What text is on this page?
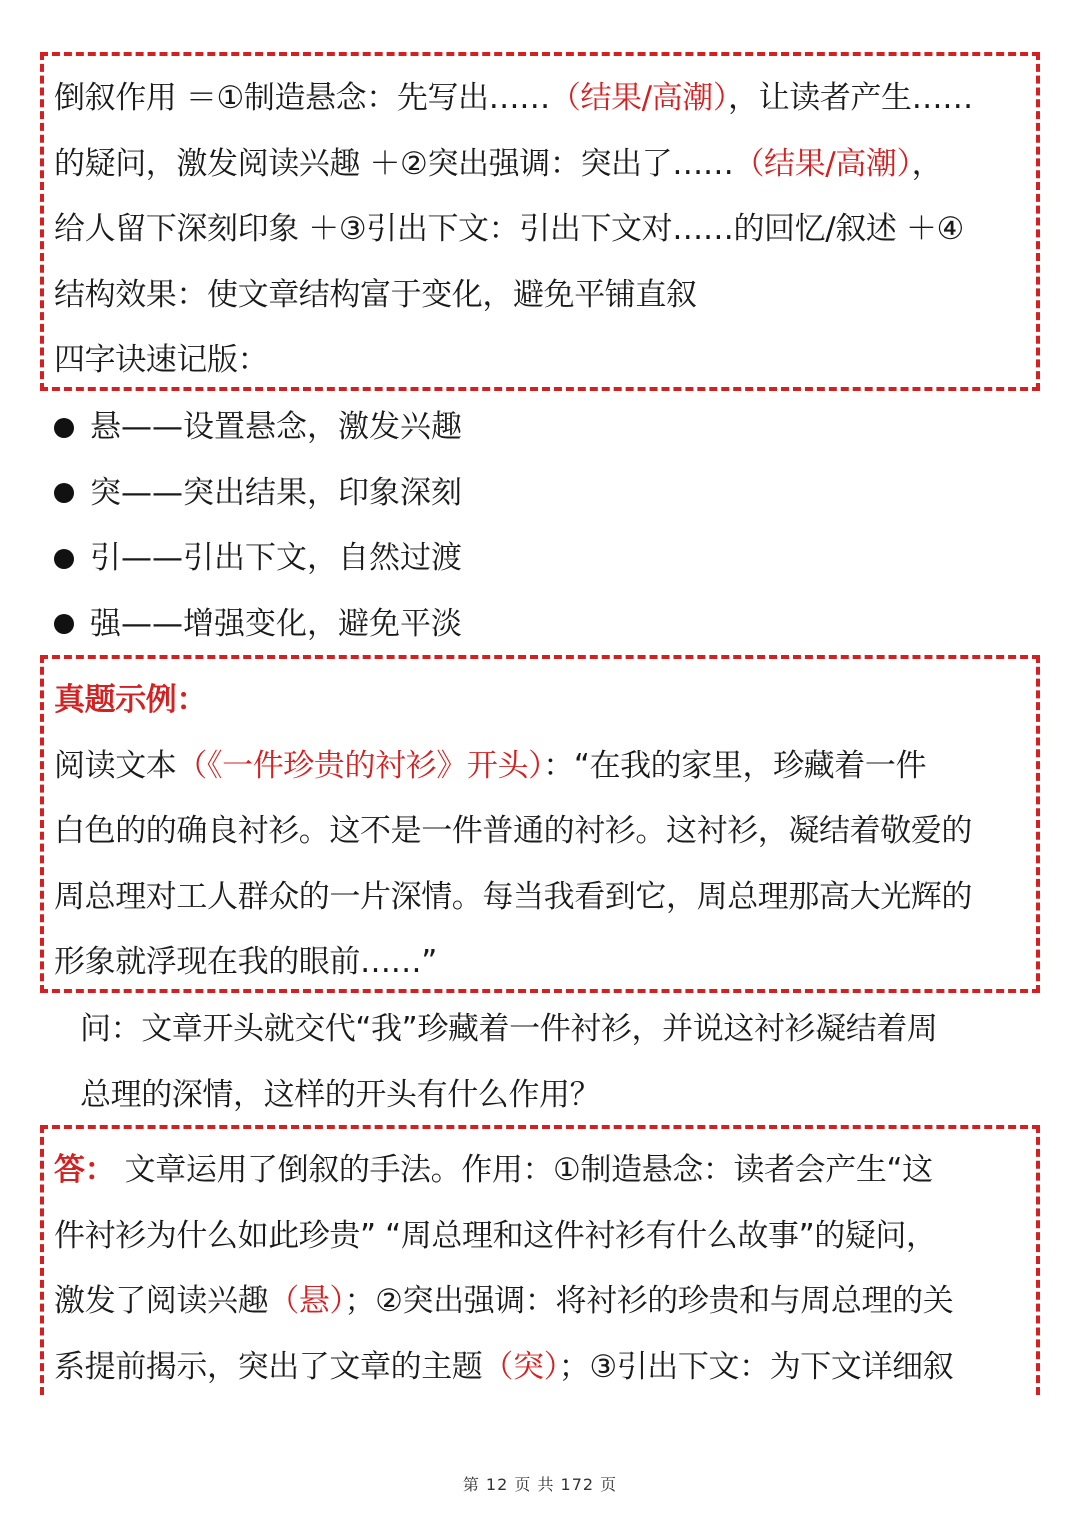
倒叙作用 ＝①制造悬念：先写出……（结果/高潮），让读者产生……
的疑问，激发阅读兴趣 ＋②突出强调：突出了……（结果/高潮），
给人留下深刻印象 ＋③引出下文：引出下文对……的回忆/叙述 ＋④
结构效果：使文章结构富于变化，避免平铺直叙
四字诀速记版：
悬——设置悬念，激发兴趣
突——突出结果，印象深刻
引——引出下文，自然过渡
强——增强变化，避免平淡
真题示例：
阅读文本（《一件珍贵的衬衫》开头）：“在我的家里，珍藏着一件
白色的的确良衬衫。这不是一件普通的衬衫。这衬衫，凝结着敬爱的
周总理对工人群众的一片深情。每当我看到它，周总理那高大光辉的
形象就浮现在我的眼前……”
问：文章开头就交代“我”珍藏着一件衬衫，并说这衬衫凝结着周
总理的深情，这样的开头有什么作用？
答： 文章运用了倒叙的手法。作用：①制造悬念：读者会产生“这
件衬衫为什么如此珍贵” “周总理和这件衬衫有什么故事”的疑问，
激发了阅读兴趣（悬）；②突出强调：将衬衫的珍贵和与周总理的关
系提前揭示，突出了文章的主题（突）；③引出下文：为下文详细叙
第 12 页 共 172 页
